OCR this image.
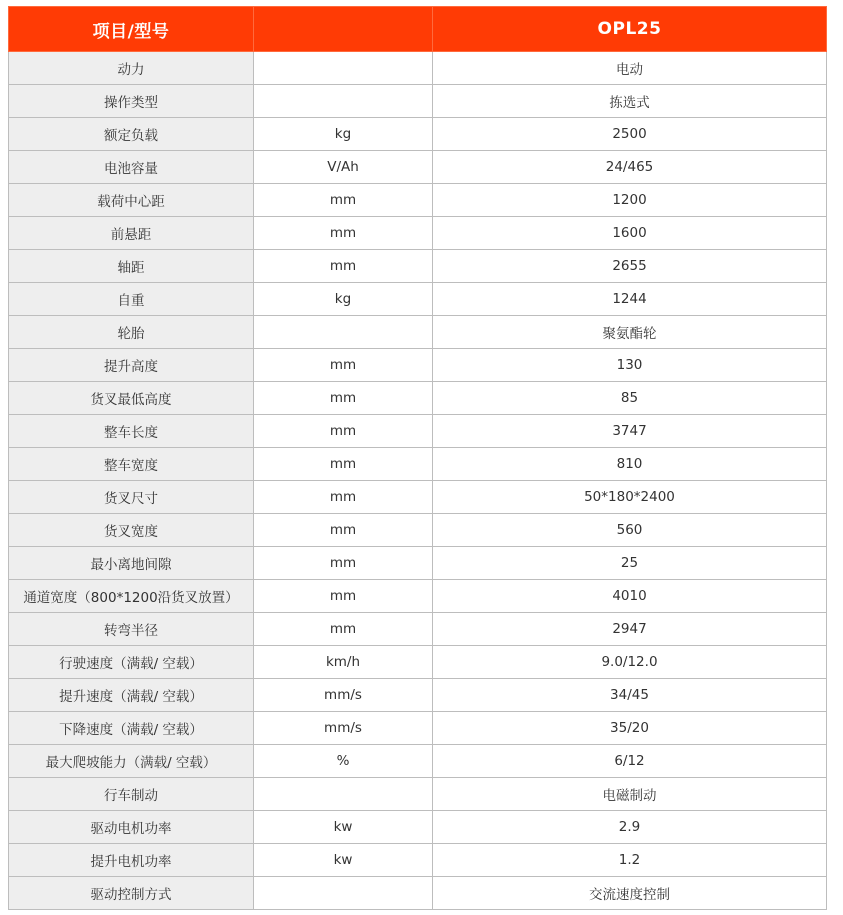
项目/型号		OPL25
动力		电动
操作类型		拣选式
额定负载	kg	2500
电池容量	V/Ah	24/465
载荷中心距	mm	1200
前悬距	mm	1600
轴距	mm	2655
自重	kg	1244
轮胎		聚氨酯轮
提升高度	mm	130
货叉最低高度	mm	85
整车长度	mm	3747
整车宽度	mm	810
货叉尺寸	mm	50*180*2400
货叉宽度	mm	560
最小离地间隙	mm	25
通道宽度（800*1200沿货叉放置）	mm	4010
转弯半径	mm	2947
行驶速度（满载/ 空载）	km/h	9.0/12.0
提升速度（满载/ 空载）	mm/s	34/45
下降速度（满载/ 空载）	mm/s	35/20
最大爬坡能力（满载/ 空载）	%	6/12
行车制动		电磁制动
驱动电机功率	kw	2.9
提升电机功率	kw	1.2
驱动控制方式		交流速度控制
